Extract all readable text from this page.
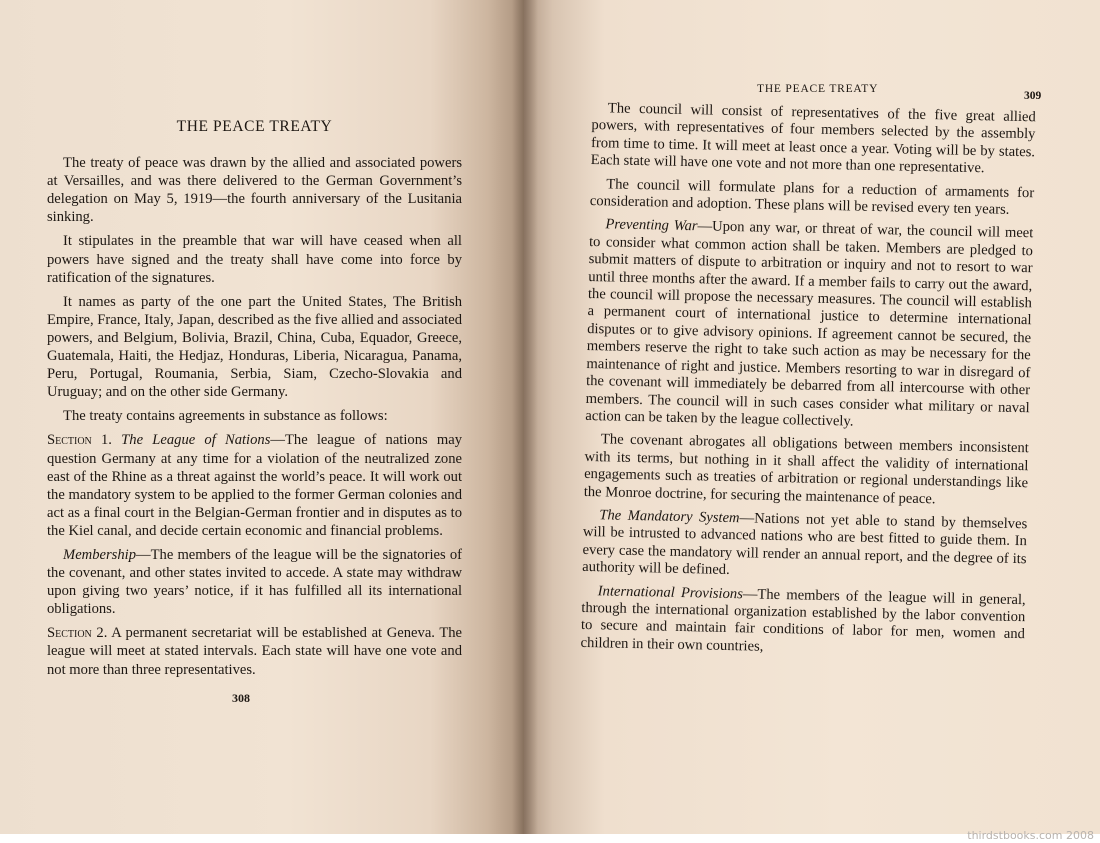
THE PEACE TREATY

The treaty of peace was drawn by the allied and associated powers at Versailles, and was there delivered to the German Government’s delegation on May 5, 1919—the fourth anniversary of the Lusitania sinking.

It stipulates in the preamble that war will have ceased when all powers have signed and the treaty shall have come into force by ratification of the signatures.

It names as party of the one part the United States, The British Empire, France, Italy, Japan, described as the five allied and associated powers, and Belgium, Bolivia, Brazil, China, Cuba, Equador, Greece, Guatemala, Haiti, the Hedjaz, Honduras, Liberia, Nicaragua, Panama, Peru, Portugal, Roumania, Serbia, Siam, Czecho-Slovakia and Uruguay; and on the other side Germany.

The treaty contains agreements in substance as follows:

Section 1. The League of Nations—The league of nations may question Germany at any time for a violation of the neutralized zone east of the Rhine as a threat against the world’s peace. It will work out the mandatory system to be applied to the former German colonies and act as a final court in the Belgian-German frontier and in disputes as to the Kiel canal, and decide certain economic and financial problems.

Membership—The members of the league will be the signatories of the covenant, and other states invited to accede. A state may withdraw upon giving two years’ notice, if it has fulfilled all its international obligations.

Section 2. A permanent secretariat will be established at Geneva. The league will meet at stated intervals. Each state will have one vote and not more than three representatives.

308
THE PEACE TREATY
309

The council will consist of representatives of the five great allied powers, with representatives of four members selected by the assembly from time to time. It will meet at least once a year. Voting will be by states. Each state will have one vote and not more than one representative.

The council will formulate plans for a reduction of armaments for consideration and adoption. These plans will be revised every ten years.

Preventing War—Upon any war, or threat of war, the council will meet to consider what common action shall be taken. Members are pledged to submit matters of dispute to arbitration or inquiry and not to resort to war until three months after the award. If a member fails to carry out the award, the council will propose the necessary measures. The council will establish a permanent court of international justice to determine international disputes or to give advisory opinions. If agreement cannot be secured, the members reserve the right to take such action as may be necessary for the maintenance of right and justice. Members resorting to war in disregard of the covenant will immediately be debarred from all intercourse with other members. The council will in such cases consider what military or naval action can be taken by the league collectively.

The covenant abrogates all obligations between members inconsistent with its terms, but nothing in it shall affect the validity of international engagements such as treaties of arbitration or regional understandings like the Monroe doctrine, for securing the maintenance of peace.

The Mandatory System—Nations not yet able to stand by themselves will be intrusted to advanced nations who are best fitted to guide them. In every case the mandatory will render an annual report, and the degree of its authority will be defined.

International Provisions—The members of the league will in general, through the international organization established by the labor convention to secure and maintain fair conditions of labor for men, women and children in their own countries,

thirdstbooks.com 2008
